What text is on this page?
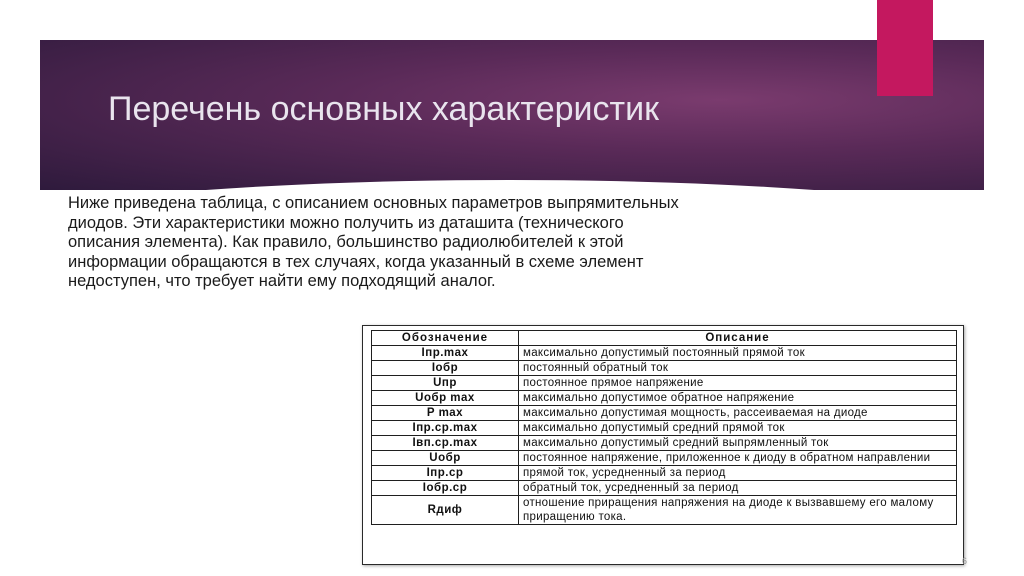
Перечень основных характеристик
Ниже приведена таблица, с описанием основных параметров выпрямительных диодов. Эти характеристики можно получить из даташита (технического описания элемента). Как правило, большинство радиолюбителей к этой информации обращаются в тех случаях, когда указанный в схеме элемент недоступен, что требует найти ему подходящий аналог.
Обозначение	Описание
Iпр.max	максимально допустимый постоянный прямой ток
Iобр	постоянный обратный ток
Uпр	постоянное прямое напряжение
Uобр max	максимально допустимое обратное напряжение
P max	максимально допустимая мощность, рассеиваемая на диоде
Iпр.ср.max	максимально допустимый средний прямой ток
Iвп.ср.max	максимально допустимый средний выпрямленный ток
Uобр	постоянное напряжение, приложенное к диоду в обратном направлении
Iпр.ср	прямой ток, усредненный за период
Iобр.ср	обратный ток, усредненный за период
Rдиф	отношение приращения напряжения на диоде к вызвавшему его малому приращению тока.
6
